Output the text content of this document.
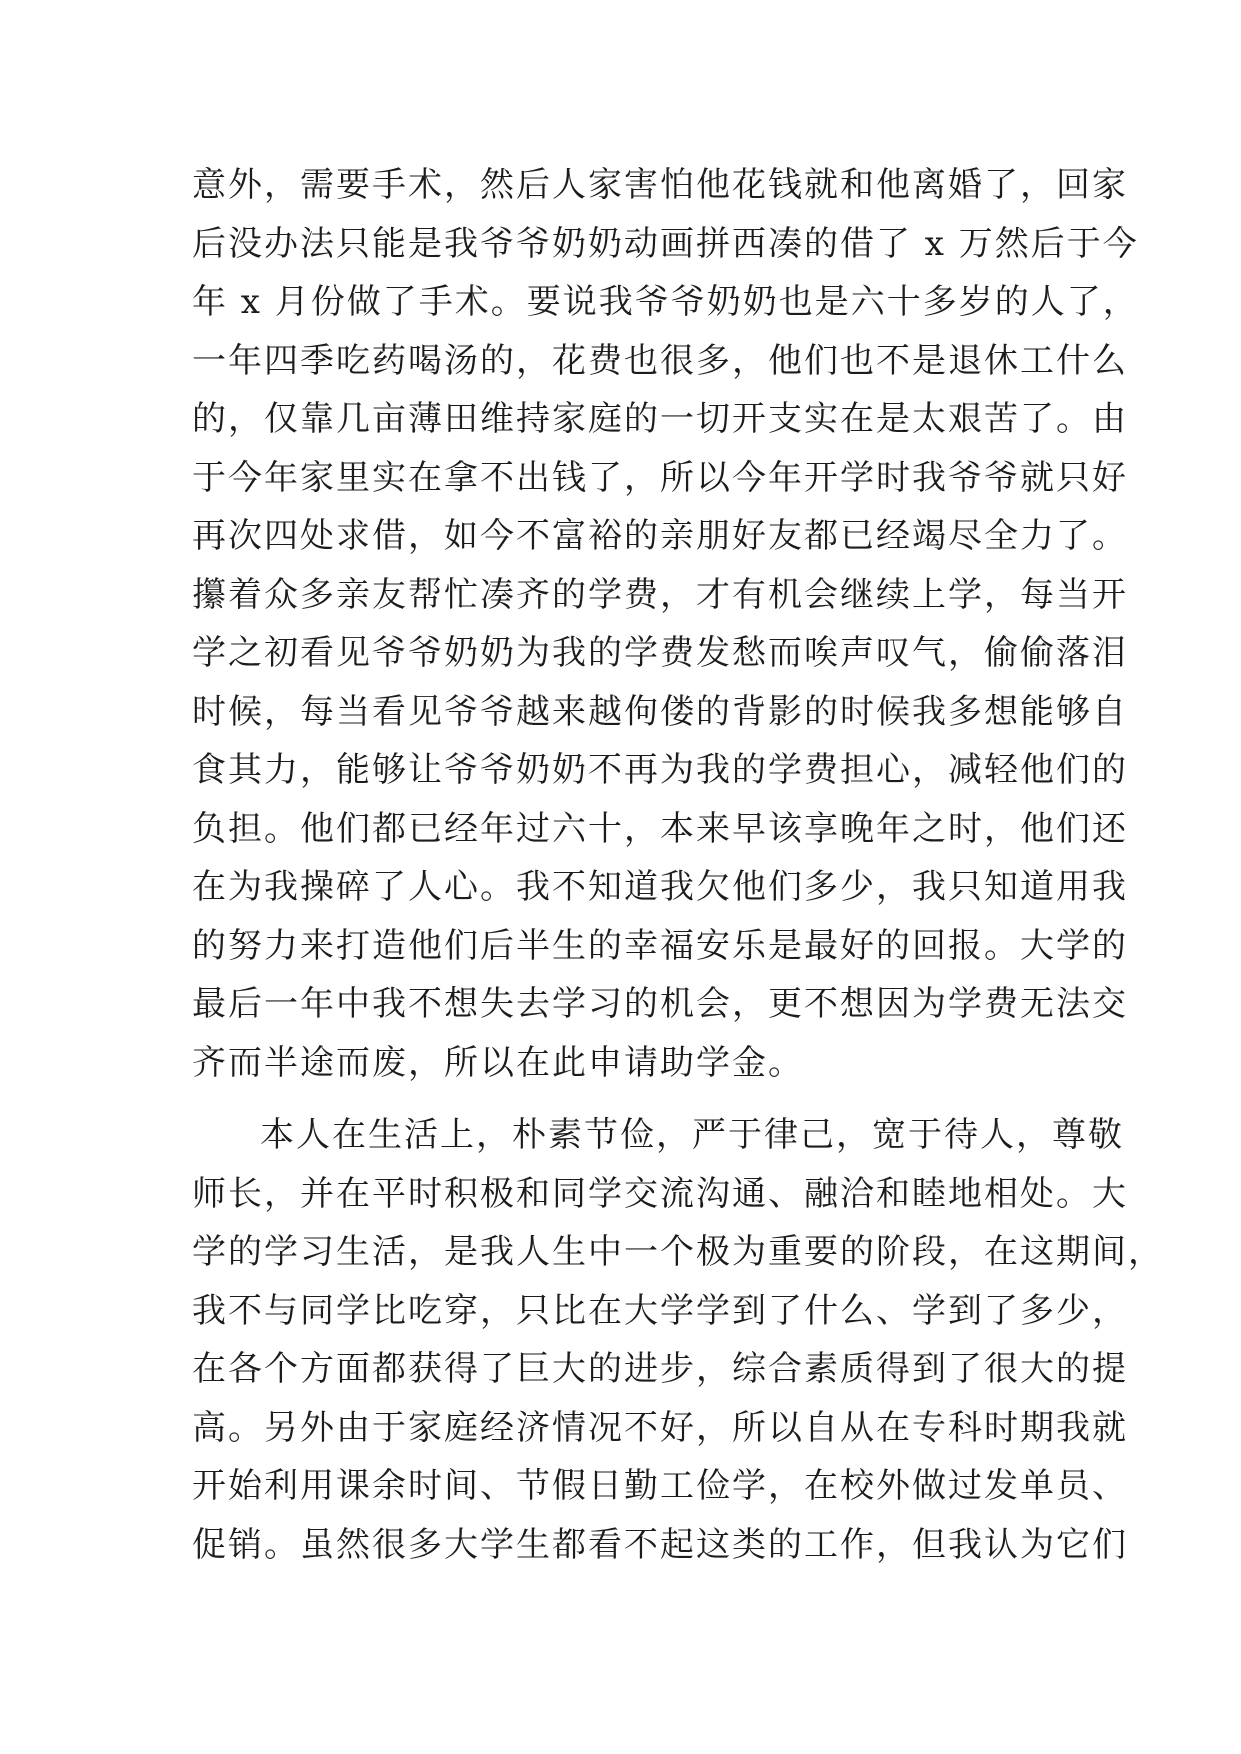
意外，需要手术，然后人家害怕他花钱就和他离婚了，回家
后没办法只能是我爷爷奶奶动画拼西凑的借了 x 万然后于今
年 x 月份做了手术。要说我爷爷奶奶也是六十多岁的人了，
一年四季吃药喝汤的，花费也很多，他们也不是退休工什么
的，仅靠几亩薄田维持家庭的一切开支实在是太艰苦了。由
于今年家里实在拿不出钱了，所以今年开学时我爷爷就只好
再次四处求借，如今不富裕的亲朋好友都已经竭尽全力了。
攥着众多亲友帮忙凑齐的学费，才有机会继续上学，每当开
学之初看见爷爷奶奶为我的学费发愁而唉声叹气，偷偷落泪
时候，每当看见爷爷越来越佝偻的背影的时候我多想能够自
食其力，能够让爷爷奶奶不再为我的学费担心，减轻他们的
负担。他们都已经年过六十，本来早该享晚年之时，他们还
在为我操碎了人心。我不知道我欠他们多少，我只知道用我
的努力来打造他们后半生的幸福安乐是最好的回报。大学的
最后一年中我不想失去学习的机会，更不想因为学费无法交
齐而半途而废，所以在此申请助学金。
本人在生活上，朴素节俭，严于律己，宽于待人，尊敬
师长，并在平时积极和同学交流沟通、融洽和睦地相处。大
学的学习生活，是我人生中一个极为重要的阶段，在这期间，
我不与同学比吃穿，只比在大学学到了什么、学到了多少，
在各个方面都获得了巨大的进步，综合素质得到了很大的提
高。另外由于家庭经济情况不好，所以自从在专科时期我就
开始利用课余时间、节假日勤工俭学，在校外做过发单员、
促销。虽然很多大学生都看不起这类的工作，但我认为它们
